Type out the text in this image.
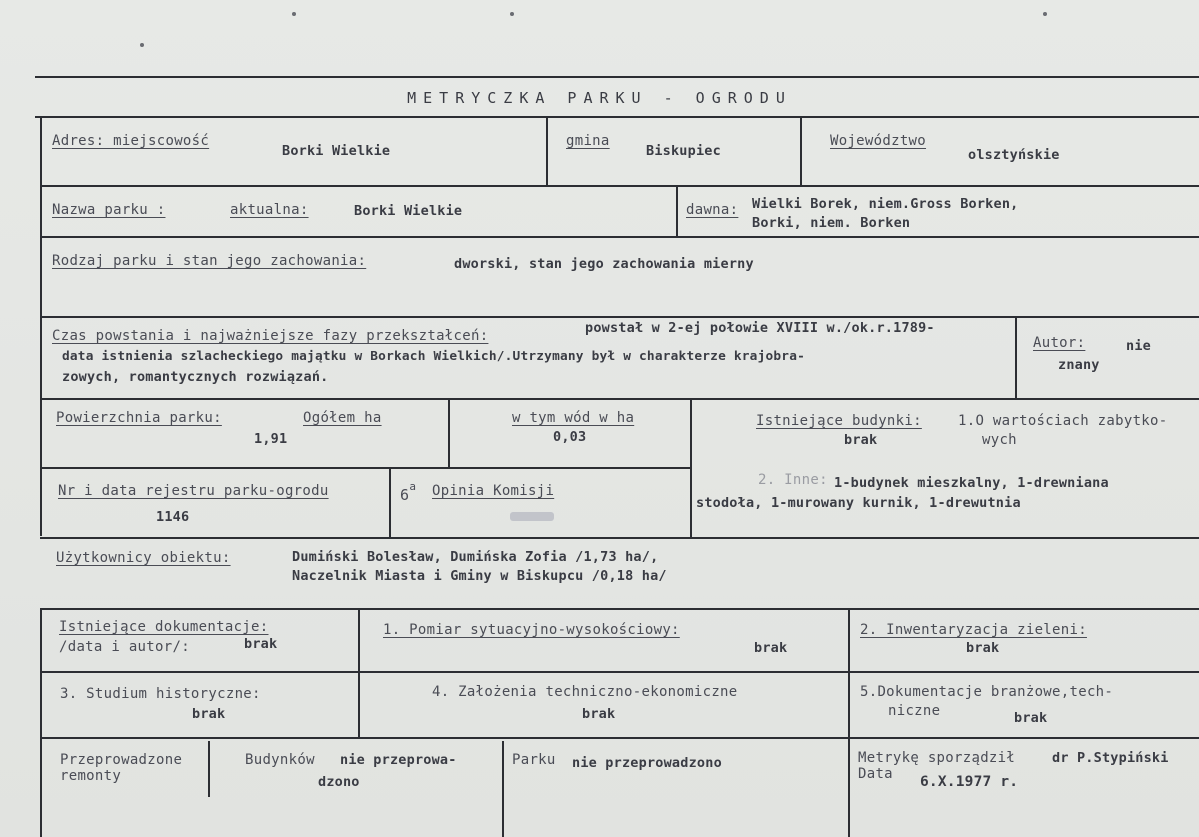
METRYCZKA PARKU - OGRODU
Adres: miejscowość
Borki Wielkie
gmina
Biskupiec
Województwo
olsztyńskie
Nazwa parku :	aktualna:	Borki Wielkie	dawna: Wielki Borek, niem.Gross Borken,
Borki, niem. Borken
Rodzaj parku i stan jego zachowania:	dworski, stan jego zachowania mierny
Czas powstania i najważniejsze fazy przekształceń:	powstał w 2-ej połowie XVIII w./ok.r.1789-
data istnienia szlacheckiego majątku w Borkach Wielkich/.Utrzymany był w charakterze krajobra-
zowych, romantycznych rozwiązań.
Autor:	nie
znany
Powierzchnia parku:	Ogółem ha
1,91
w tym wód w ha
0,03
Istniejące budynki:	1.O wartościach zabytko-
wych
brak
2. Inne: 1-budynek mieszkalny, 1-drewniana
stodoła, 1-murowany kurnik, 1-drewutnia
Nr i data rejestru parku-ogrodu
1146
6$^a$ Opinia Komisji
Użytkownicy obiektu:	Dumiński Bolesław, Dumińska Zofia /1,73 ha/,
Naczelnik Miasta i Gminy w Biskupcu /0,18 ha/
Istniejące dokumentacje:
/data i autor/:	brak
1. Pomiar sytuacyjno-wysokościowy:
brak
2. Inwentaryzacja zieleni:
brak
3. Studium historyczne:
brak
4. Założenia techniczno-ekonomiczne
brak
5.Dokumentacje branżowe,tech-
niczne	brak
Przeprowadzone
remonty
Budynków nie przeprowa-
dzono
Parku nie przeprowadzono	Metrykę sporządził	dr P.Stypiński
Data 6.X.1977 r.
